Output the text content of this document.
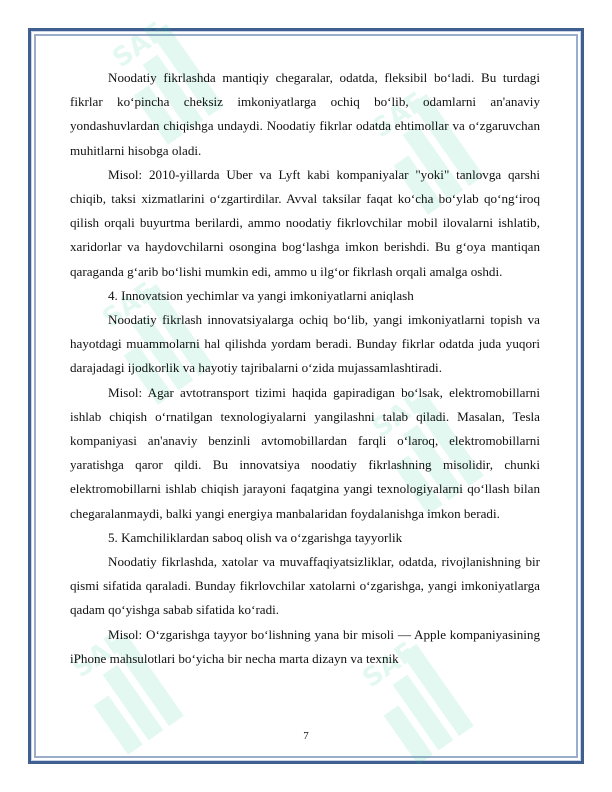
SAF
SAF
SAF
SAF
SAF	SAF

Noodatiy fikrlashda mantiqiy chegaralar, odatda, fleksibil bo‘ladi. Bu turdagi fikrlar ko‘pincha cheksiz imkoniyatlarga ochiq bo‘lib, odamlarni an'anaviy yondashuvlardan chiqishga undaydi. Noodatiy fikrlar odatda ehtimollar va o‘zgaruvchan muhitlarni hisobga oladi.

Misol: 2010-yillarda Uber va Lyft kabi kompaniyalar "yoki" tanlovga qarshi chiqib, taksi xizmatlarini o‘zgartirdilar. Avval taksilar faqat ko‘cha bo‘ylab qo‘ng‘iroq qilish orqali buyurtma berilardi, ammo noodatiy fikrlovchilar mobil ilovalarni ishlatib, xaridorlar va haydovchilarni osongina bog‘lashga imkon berishdi. Bu g‘oya mantiqan qaraganda g‘arib bo‘lishi mumkin edi, ammo u ilg‘or fikrlash orqali amalga oshdi.

4. Innovatsion yechimlar va yangi imkoniyatlarni aniqlash

Noodatiy fikrlash innovatsiyalarga ochiq bo‘lib, yangi imkoniyatlarni topish va hayotdagi muammolarni hal qilishda yordam beradi. Bunday fikrlar odatda juda yuqori darajadagi ijodkorlik va hayotiy tajribalarni o‘zida mujassamlashtiradi.

Misol: Agar avtotransport tizimi haqida gapiradigan bo‘lsak, elektromobillarni ishlab chiqish o‘rnatilgan texnologiyalarni yangilashni talab qiladi. Masalan, Tesla kompaniyasi an'anaviy benzinli avtomobillardan farqli o‘laroq, elektromobillarni yaratishga qaror qildi. Bu innovatsiya noodatiy fikrlashning misolidir, chunki elektromobillarni ishlab chiqish jarayoni faqatgina yangi texnologiyalarni qo‘llash bilan chegaralanmaydi, balki yangi energiya manbalaridan foydalanishga imkon beradi.

5. Kamchiliklardan saboq olish va o‘zgarishga tayyorlik

Noodatiy fikrlashda, xatolar va muvaffaqiyatsizliklar, odatda, rivojlanishning bir qismi sifatida qaraladi. Bunday fikrlovchilar xatolarni o‘zgarishga, yangi imkoniyatlarga qadam qo‘yishga sabab sifatida ko‘radi.

Misol: O‘zgarishga tayyor bo‘lishning yana bir misoli — Apple kompaniyasining iPhone mahsulotlari bo‘yicha bir necha marta dizayn va texnik

7
